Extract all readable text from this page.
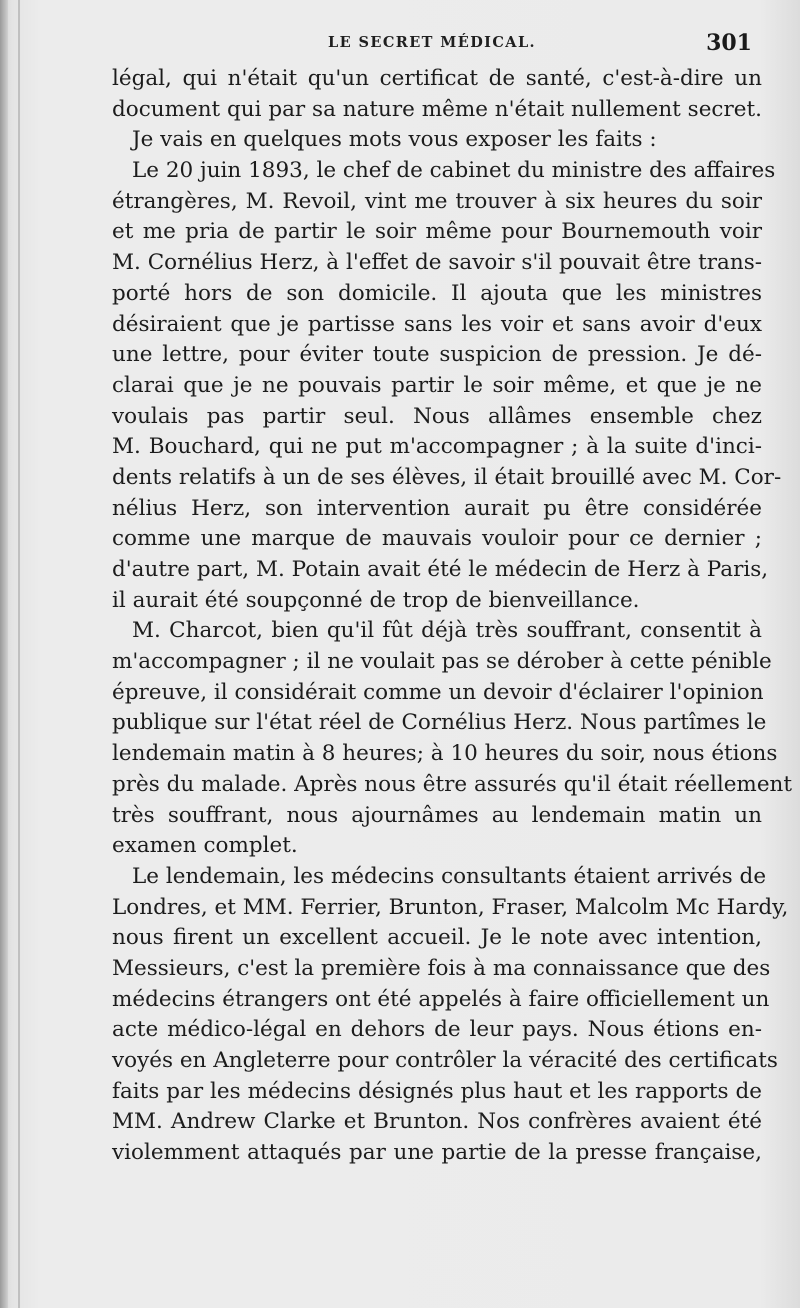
LE SECRET MÉDICAL.	301
légal, qui n'était qu'un certificat de santé, c'est-à-dire un
document qui par sa nature même n'était nullement secret.
Je vais en quelques mots vous exposer les faits :
Le 20 juin 1893, le chef de cabinet du ministre des affaires
étrangères, M. Revoil, vint me trouver à six heures du soir
et me pria de partir le soir même pour Bournemouth voir
M. Cornélius Herz, à l'effet de savoir s'il pouvait être trans-
porté hors de son domicile. Il ajouta que les ministres
désiraient que je partisse sans les voir et sans avoir d'eux
une lettre, pour éviter toute suspicion de pression. Je dé-
clarai que je ne pouvais partir le soir même, et que je ne
voulais pas partir seul. Nous allâmes ensemble chez
M. Bouchard, qui ne put m'accompagner ; à la suite d'inci-
dents relatifs à un de ses élèves, il était brouillé avec M. Cor-
nélius Herz, son intervention aurait pu être considérée
comme une marque de mauvais vouloir pour ce dernier ;
d'autre part, M. Potain avait été le médecin de Herz à Paris,
il aurait été soupçonné de trop de bienveillance.
M. Charcot, bien qu'il fût déjà très souffrant, consentit à
m'accompagner ; il ne voulait pas se dérober à cette pénible
épreuve, il considérait comme un devoir d'éclairer l'opinion
publique sur l'état réel de Cornélius Herz. Nous partîmes le
lendemain matin à 8 heures; à 10 heures du soir, nous étions
près du malade. Après nous être assurés qu'il était réellement
très souffrant, nous ajournâmes au lendemain matin un
examen complet.
Le lendemain, les médecins consultants étaient arrivés de
Londres, et MM. Ferrier, Brunton, Fraser, Malcolm Mc Hardy,
nous firent un excellent accueil. Je le note avec intention,
Messieurs, c'est la première fois à ma connaissance que des
médecins étrangers ont été appelés à faire officiellement un
acte médico-légal en dehors de leur pays. Nous étions en-
voyés en Angleterre pour contrôler la véracité des certificats
faits par les médecins désignés plus haut et les rapports de
MM. Andrew Clarke et Brunton. Nos confrères avaient été
violemment attaqués par une partie de la presse française,
